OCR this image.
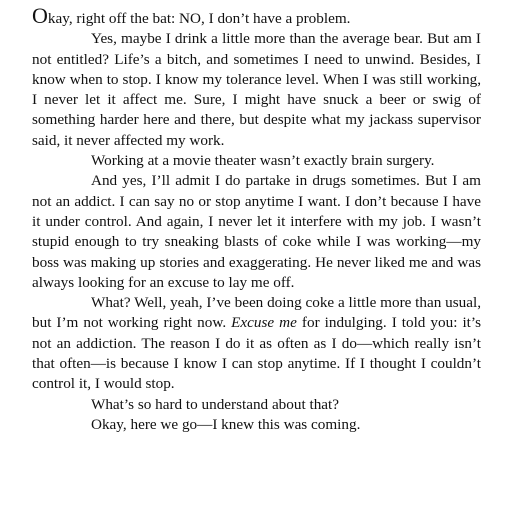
Okay, right off the bat: NO, I don’t have a problem.

Yes, maybe I drink a little more than the average bear. But am I not entitled? Life’s a bitch, and sometimes I need to unwind. Besides, I know when to stop. I know my tolerance level. When I was still working, I never let it affect me. Sure, I might have snuck a beer or swig of something harder here and there, but despite what my jackass supervisor said, it never affected my work.

Working at a movie theater wasn’t exactly brain surgery.

And yes, I’ll admit I do partake in drugs sometimes. But I am not an addict. I can say no or stop anytime I want. I don’t because I have it under control. And again, I never let it interfere with my job. I wasn’t stupid enough to try sneaking blasts of coke while I was working—my boss was making up stories and exaggerating. He never liked me and was always looking for an excuse to lay me off.

What? Well, yeah, I’ve been doing coke a little more than usual, but I’m not working right now. Excuse me for indulging. I told you: it’s not an addiction. The reason I do it as often as I do—which really isn’t that often—is because I know I can stop anytime. If I thought I couldn’t control it, I would stop.

What’s so hard to understand about that?

Okay, here we go—I knew this was coming.
